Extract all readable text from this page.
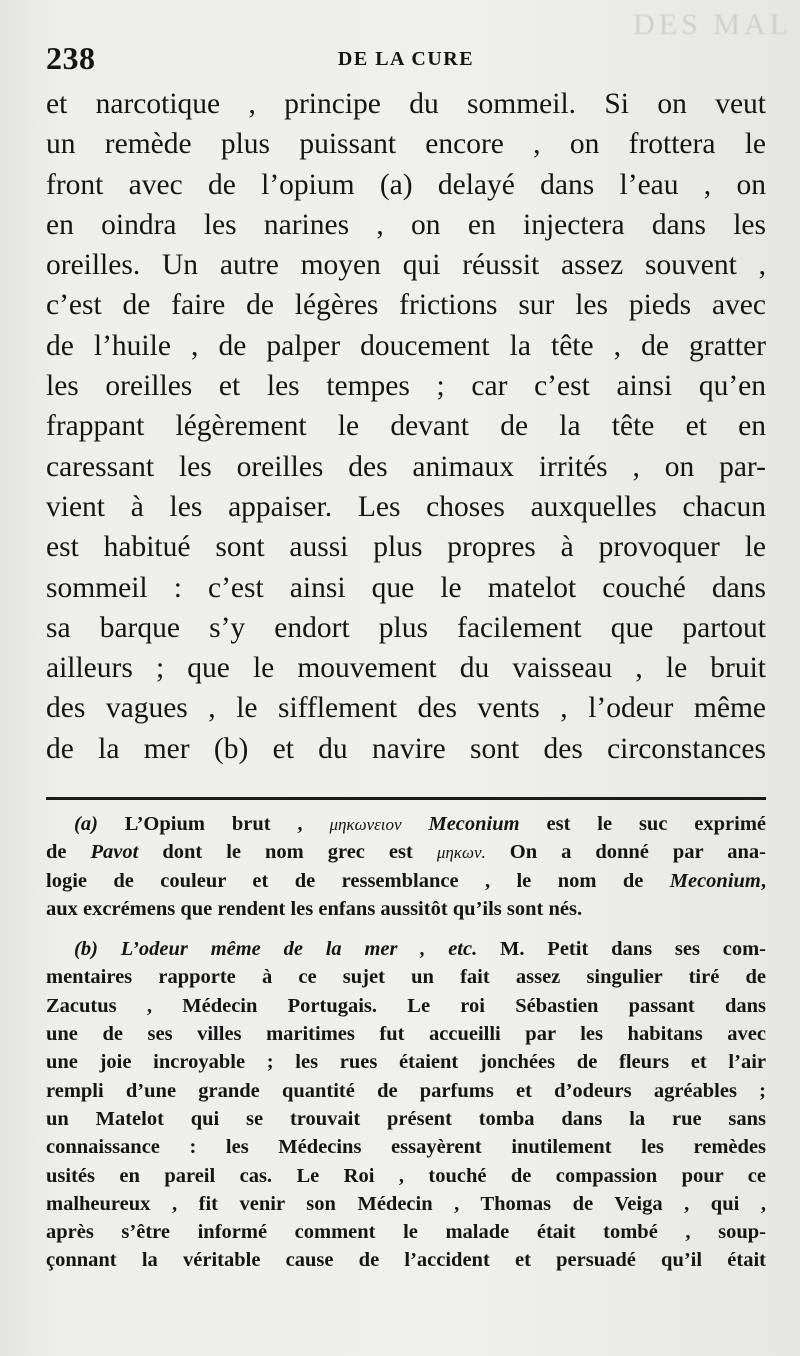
DES MAL
238	DE LA CURE
et narcotique , principe du sommeil. Si on veut
un remède plus puissant encore , on frottera le
front avec de l’opium (a) delayé dans l’eau , on
en oindra les narines , on en injectera dans les
oreilles. Un autre moyen qui réussit assez souvent ,
c’est de faire de légères frictions sur les pieds avec
de l’huile , de palper doucement la tête , de gratter
les oreilles et les tempes ; car c’est ainsi qu’en
frappant légèrement le devant de la tête et en
caressant les oreilles des animaux irrités , on par-
vient à les appaiser. Les choses auxquelles chacun
est habitué sont aussi plus propres à provoquer le
sommeil : c’est ainsi que le matelot couché dans
sa barque s’y endort plus facilement que partout
ailleurs ; que le mouvement du vaisseau , le bruit
des vagues , le sifflement des vents , l’odeur même
de la mer (b) et du navire sont des circonstances
(a) L’Opium brut , μηκωνειον Meconium est le suc exprimé
de Pavot dont le nom grec est μηκων. On a donné par ana-
logie de couleur et de ressemblance , le nom de Meconium,
aux excrémens que rendent les enfans aussitôt qu’ils sont nés.
(b) L’odeur même de la mer , etc. M. Petit dans ses com-
mentaires rapporte à ce sujet un fait assez singulier tiré de
Zacutus , Médecin Portugais. Le roi Sébastien passant dans
une de ses villes maritimes fut accueilli par les habitans avec
une joie incroyable ; les rues étaient jonchées de fleurs et l’air
rempli d’une grande quantité de parfums et d’odeurs agréables ;
un Matelot qui se trouvait présent tomba dans la rue sans
connaissance : les Médecins essayèrent inutilement les remèdes
usités en pareil cas. Le Roi , touché de compassion pour ce
malheureux , fit venir son Médecin , Thomas de Veiga , qui ,
après s’être informé comment le malade était tombé , soup-
çonnant la véritable cause de l’accident et persuadé qu’il était
